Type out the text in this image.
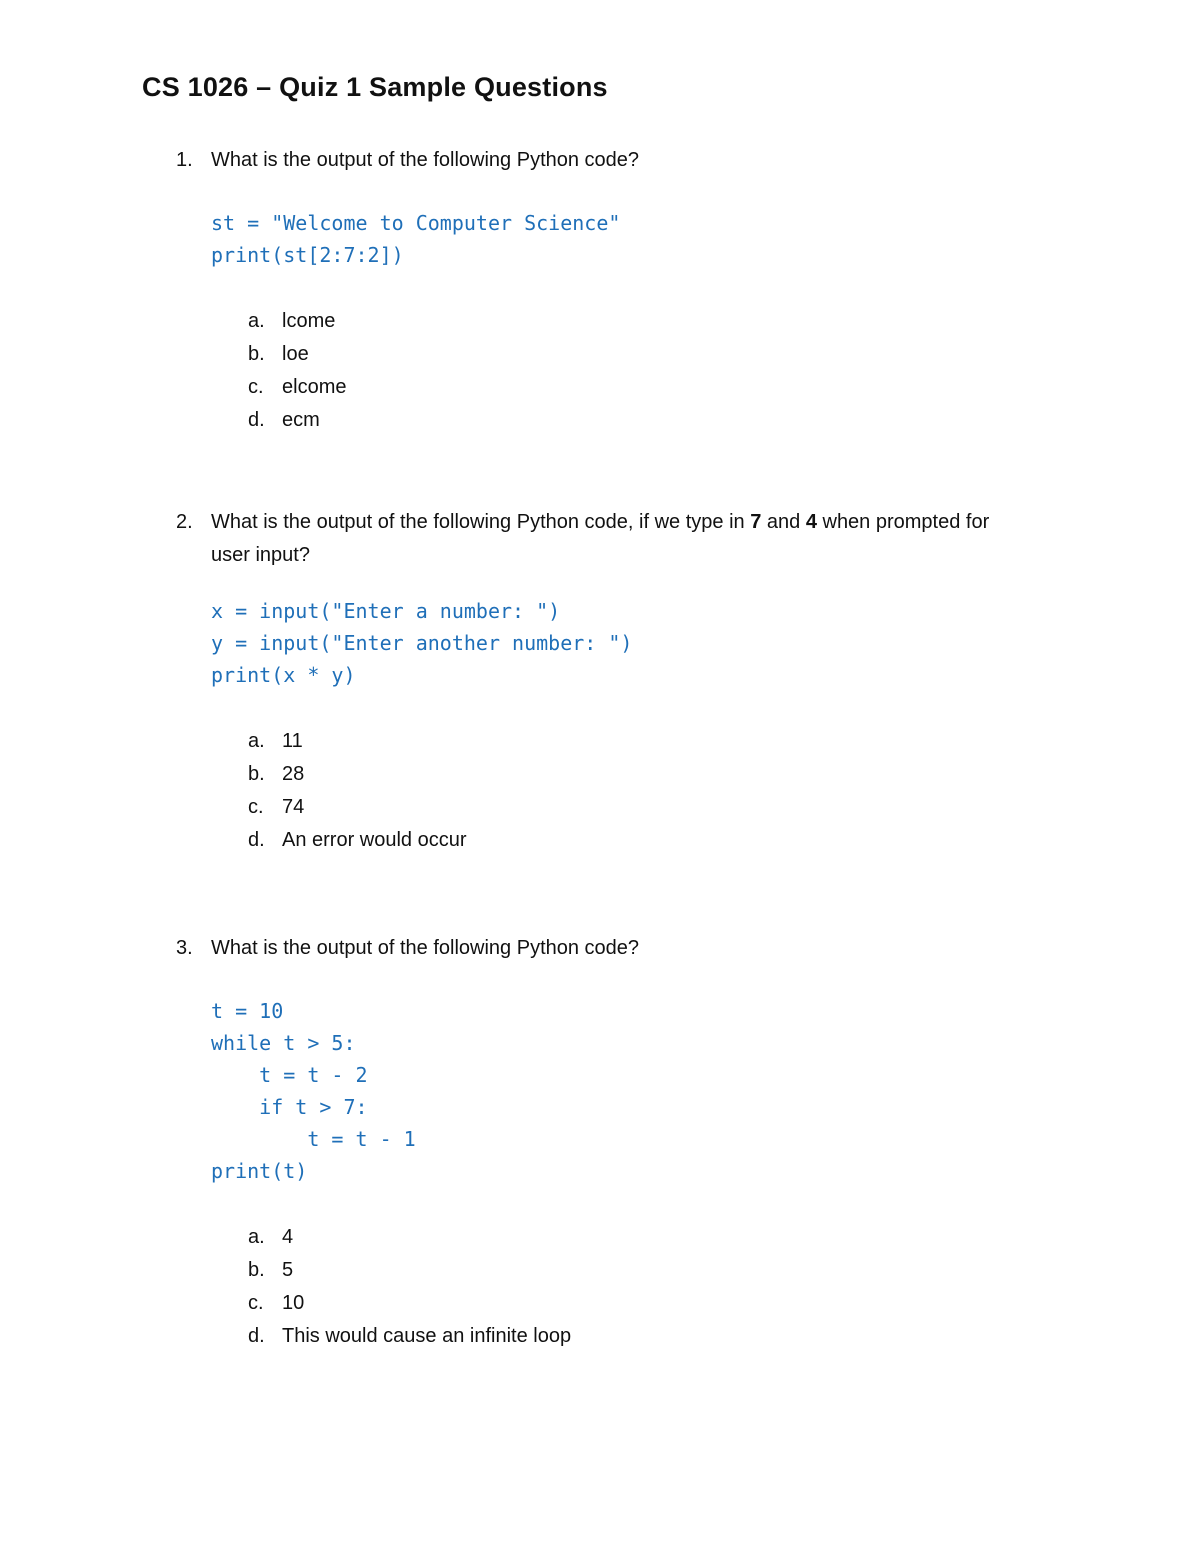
CS 1026 – Quiz 1 Sample Questions
1. What is the output of the following Python code?
st = "Welcome to Computer Science"
print(st[2:7:2])
a. lcome
b. loe
c. elcome
d. ecm
2. What is the output of the following Python code, if we type in 7 and 4 when prompted for user input?
x = input("Enter a number: ")
y = input("Enter another number: ")
print(x * y)
a. 11
b. 28
c. 74
d. An error would occur
3. What is the output of the following Python code?
t = 10
while t > 5:
t = t - 2
if t > 7:
t = t - 1
print(t)
a. 4
b. 5
c. 10
d. This would cause an infinite loop
